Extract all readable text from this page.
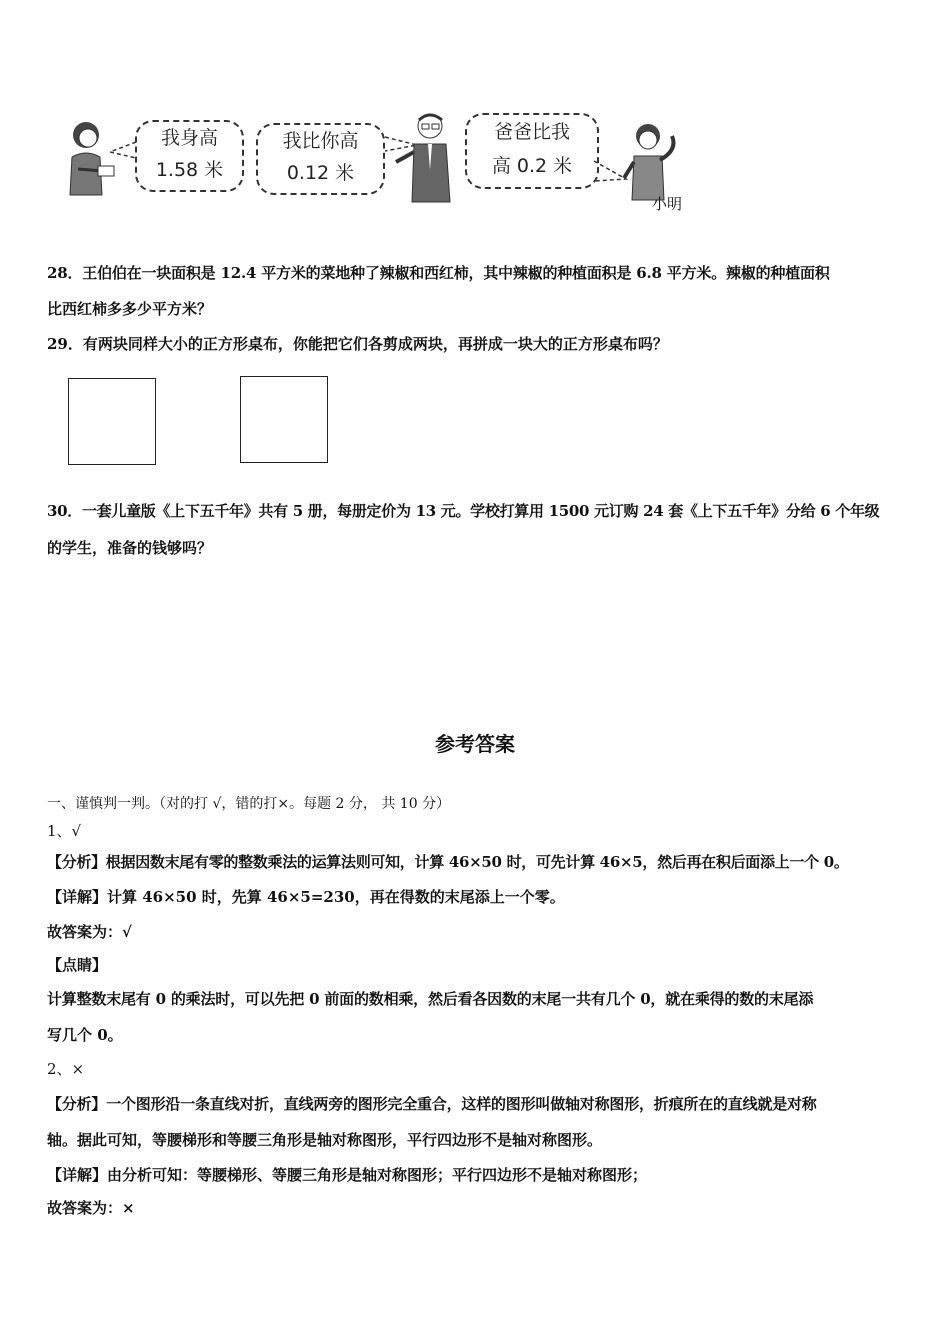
我身高
1.58 米
我比你高
0.12 米
爸爸比我
高 0.2 米
小明
28．王伯伯在一块面积是 12.4 平方米的菜地种了辣椒和西红柿，其中辣椒的种植面积是 6.8 平方米。辣椒的种植面积
比西红柿多多少平方米？
29．有两块同样大小的正方形桌布，你能把它们各剪成两块，再拼成一块大的正方形桌布吗？
30．一套儿童版《上下五千年》共有 5 册，每册定价为 13 元。学校打算用 1500 元订购 24 套《上下五千年》分给 6 个年级
的学生，准备的钱够吗？
参考答案
一、谨慎判一判。（对的打 √，错的打×。每题 2 分， 共 10 分）
1、√
【分析】根据因数末尾有零的整数乘法的运算法则可知，计算 46×50 时，可先计算 46×5，然后再在积后面添上一个 0。
【详解】计算 46×50 时，先算 46×5=230，再在得数的末尾添上一个零。
故答案为：√
【点睛】
计算整数末尾有 0 的乘法时，可以先把 0 前面的数相乘，然后看各因数的末尾一共有几个 0，就在乘得的数的末尾添
写几个 0。
2、×
【分析】一个图形沿一条直线对折，直线两旁的图形完全重合，这样的图形叫做轴对称图形，折痕所在的直线就是对称
轴。据此可知，等腰梯形和等腰三角形是轴对称图形，平行四边形不是轴对称图形。
【详解】由分析可知：等腰梯形、等腰三角形是轴对称图形；平行四边形不是轴对称图形；
故答案为：×
